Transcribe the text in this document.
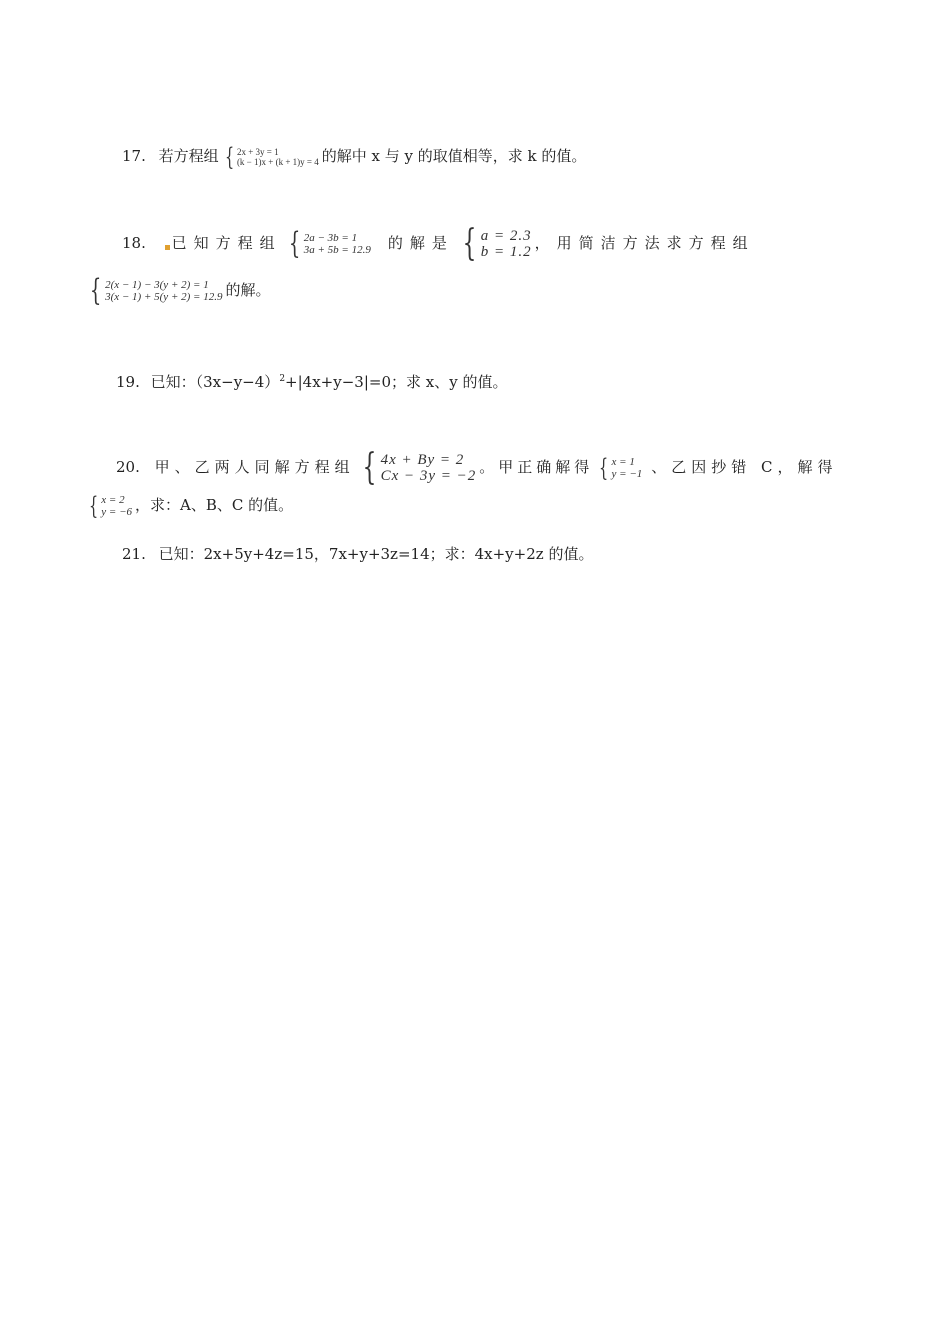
17. 若方程组 { 2x + 3y = 1
(k − 1)x + (k + 1)y = 4 的解中 x 与 y 的取值相等，求 k 的值。
18. 已知方程组 { 2a − 3b = 1
3a + 5b = 12.9 的解是 { a = 2.3
b = 1.2 ，用简洁方法求方程组
{ 2(x − 1) − 3(y + 2) = 1
3(x − 1) + 5(y + 2) = 12.9 的解。
19. 已知：$(3x-y-4)^2+|4x+y-3|=0$；求 x、y 的值。
20. 甲、乙两人同解方程组 { 4x + By = 2
Cx − 3y = −2 。甲正确解得 { x = 1
y = −1 、乙因抄错 C，解得
{ x = 2
y = −6 ，求：A、B、C 的值。
21. 已知：2x+5y+4z=15，7x+y+3z=14；求：4x+y+2z 的值。
